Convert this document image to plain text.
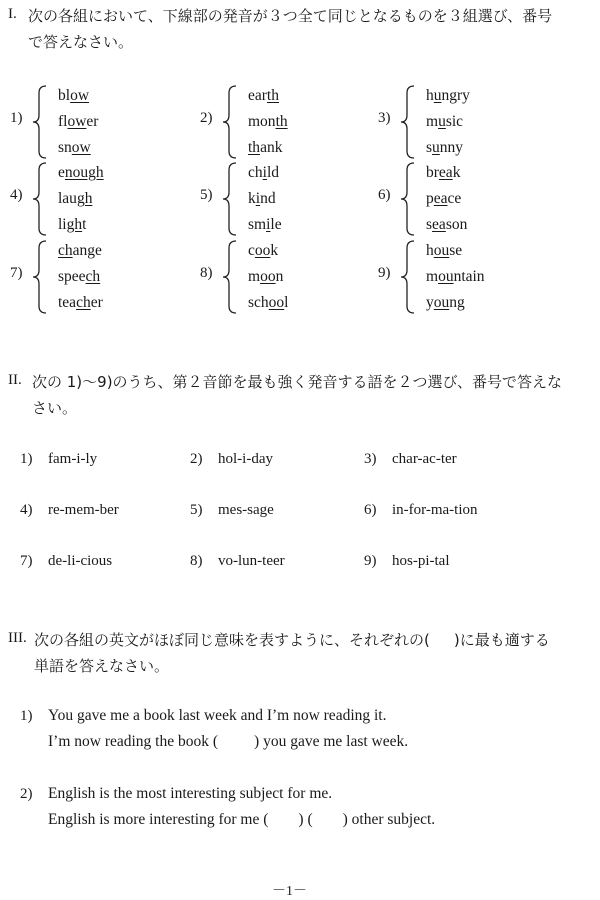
I. 次の各組において、下線部の発音が３つ全て同じとなるものを３組選び、番号
で答えなさい。
1)
blow
flower
snow
2)
earth
month
thank
3)
hungry
music
sunny
4)
enough
laugh
light
5)
child
kind
smile
6)
break
peace
season
7)
change
speech
teacher
8)
cook
moon
school
9)
house
mountain
young
II. 次の 1)～9)のうち、第２音節を最も強く発音する語を２つ選び、番号で答えな
さい。
1) fam-i-ly	2) hol-i-day	3) char-ac-ter
4) re-mem-ber	5) mes-sage	6) in-for-ma-tion
7) de-li-cious	8) vo-lun-teer	9) hos-pi-tal
III. 次の各組の英文がほぼ同じ意味を表すように、それぞれの( )に最も適する
単語を答えなさい。
1) You gave me a book last week and I’m now reading it.
I’m now reading the book ( ) you gave me last week.
2) English is the most interesting subject for me.
English is more interesting for me ( ) ( ) other subject.
－1－
